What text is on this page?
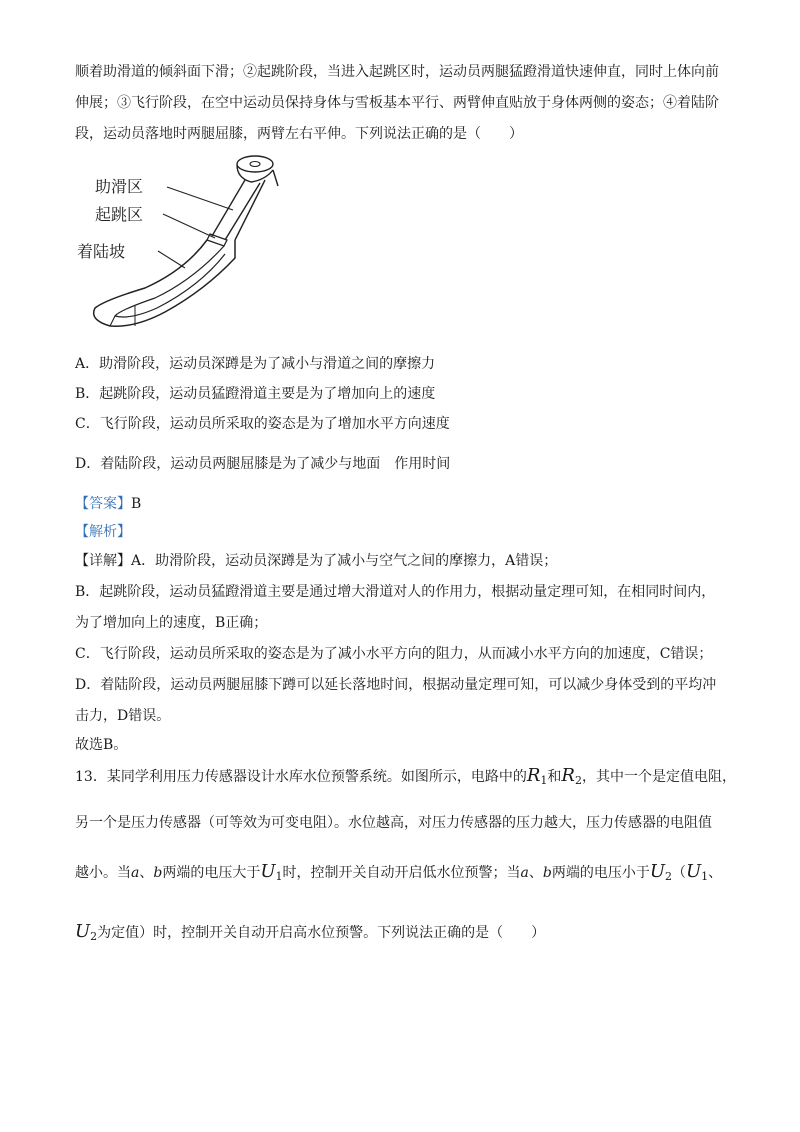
顺着助滑道的倾斜面下滑；②起跳阶段，当进入起跳区时，运动员两腿猛蹬滑道快速伸直，同时上体向前
伸展；③飞行阶段，在空中运动员保持身体与雪板基本平行、两臂伸直贴放于身体两侧的姿态；④着陆阶
段，运动员落地时两腿屈膝，两臂左右平伸。下列说法正确的是（　　）
助滑区
起跳区
着陆坡
A．助滑阶段，运动员深蹲是为了减小与滑道之间的摩擦力
B．起跳阶段，运动员猛蹬滑道主要是为了增加向上的速度
C．飞行阶段，运动员所采取的姿态是为了增加水平方向速度
D．着陆阶段，运动员两腿屈膝是为了减少与地面　作用时间
【答案】B
【解析】
【详解】A．助滑阶段，运动员深蹲是为了减小与空气之间的摩擦力，A错误；
B．起跳阶段，运动员猛蹬滑道主要是通过增大滑道对人的作用力，根据动量定理可知，在相同时间内，
为了增加向上的速度，B正确；
C．飞行阶段，运动员所采取的姿态是为了减小水平方向的阻力，从而减小水平方向的加速度，C错误；
D．着陆阶段，运动员两腿屈膝下蹲可以延长落地时间，根据动量定理可知，可以减少身体受到的平均冲
击力，D错误。
故选B。
13．某同学利用压力传感器设计水库水位预警系统。如图所示，电路中的$R_1$和$R_2$，其中一个是定值电阻，
另一个是压力传感器（可等效为可变电阻）。水位越高，对压力传感器的压力越大，压力传感器的电阻值
越小。当a、b两端的电压大于$U_1$时，控制开关自动开启低水位预警；当a、b两端的电压小于$U_2(U_1$、
$U_2$为定值）时，控制开关自动开启高水位预警。下列说法正确的是（　　）
